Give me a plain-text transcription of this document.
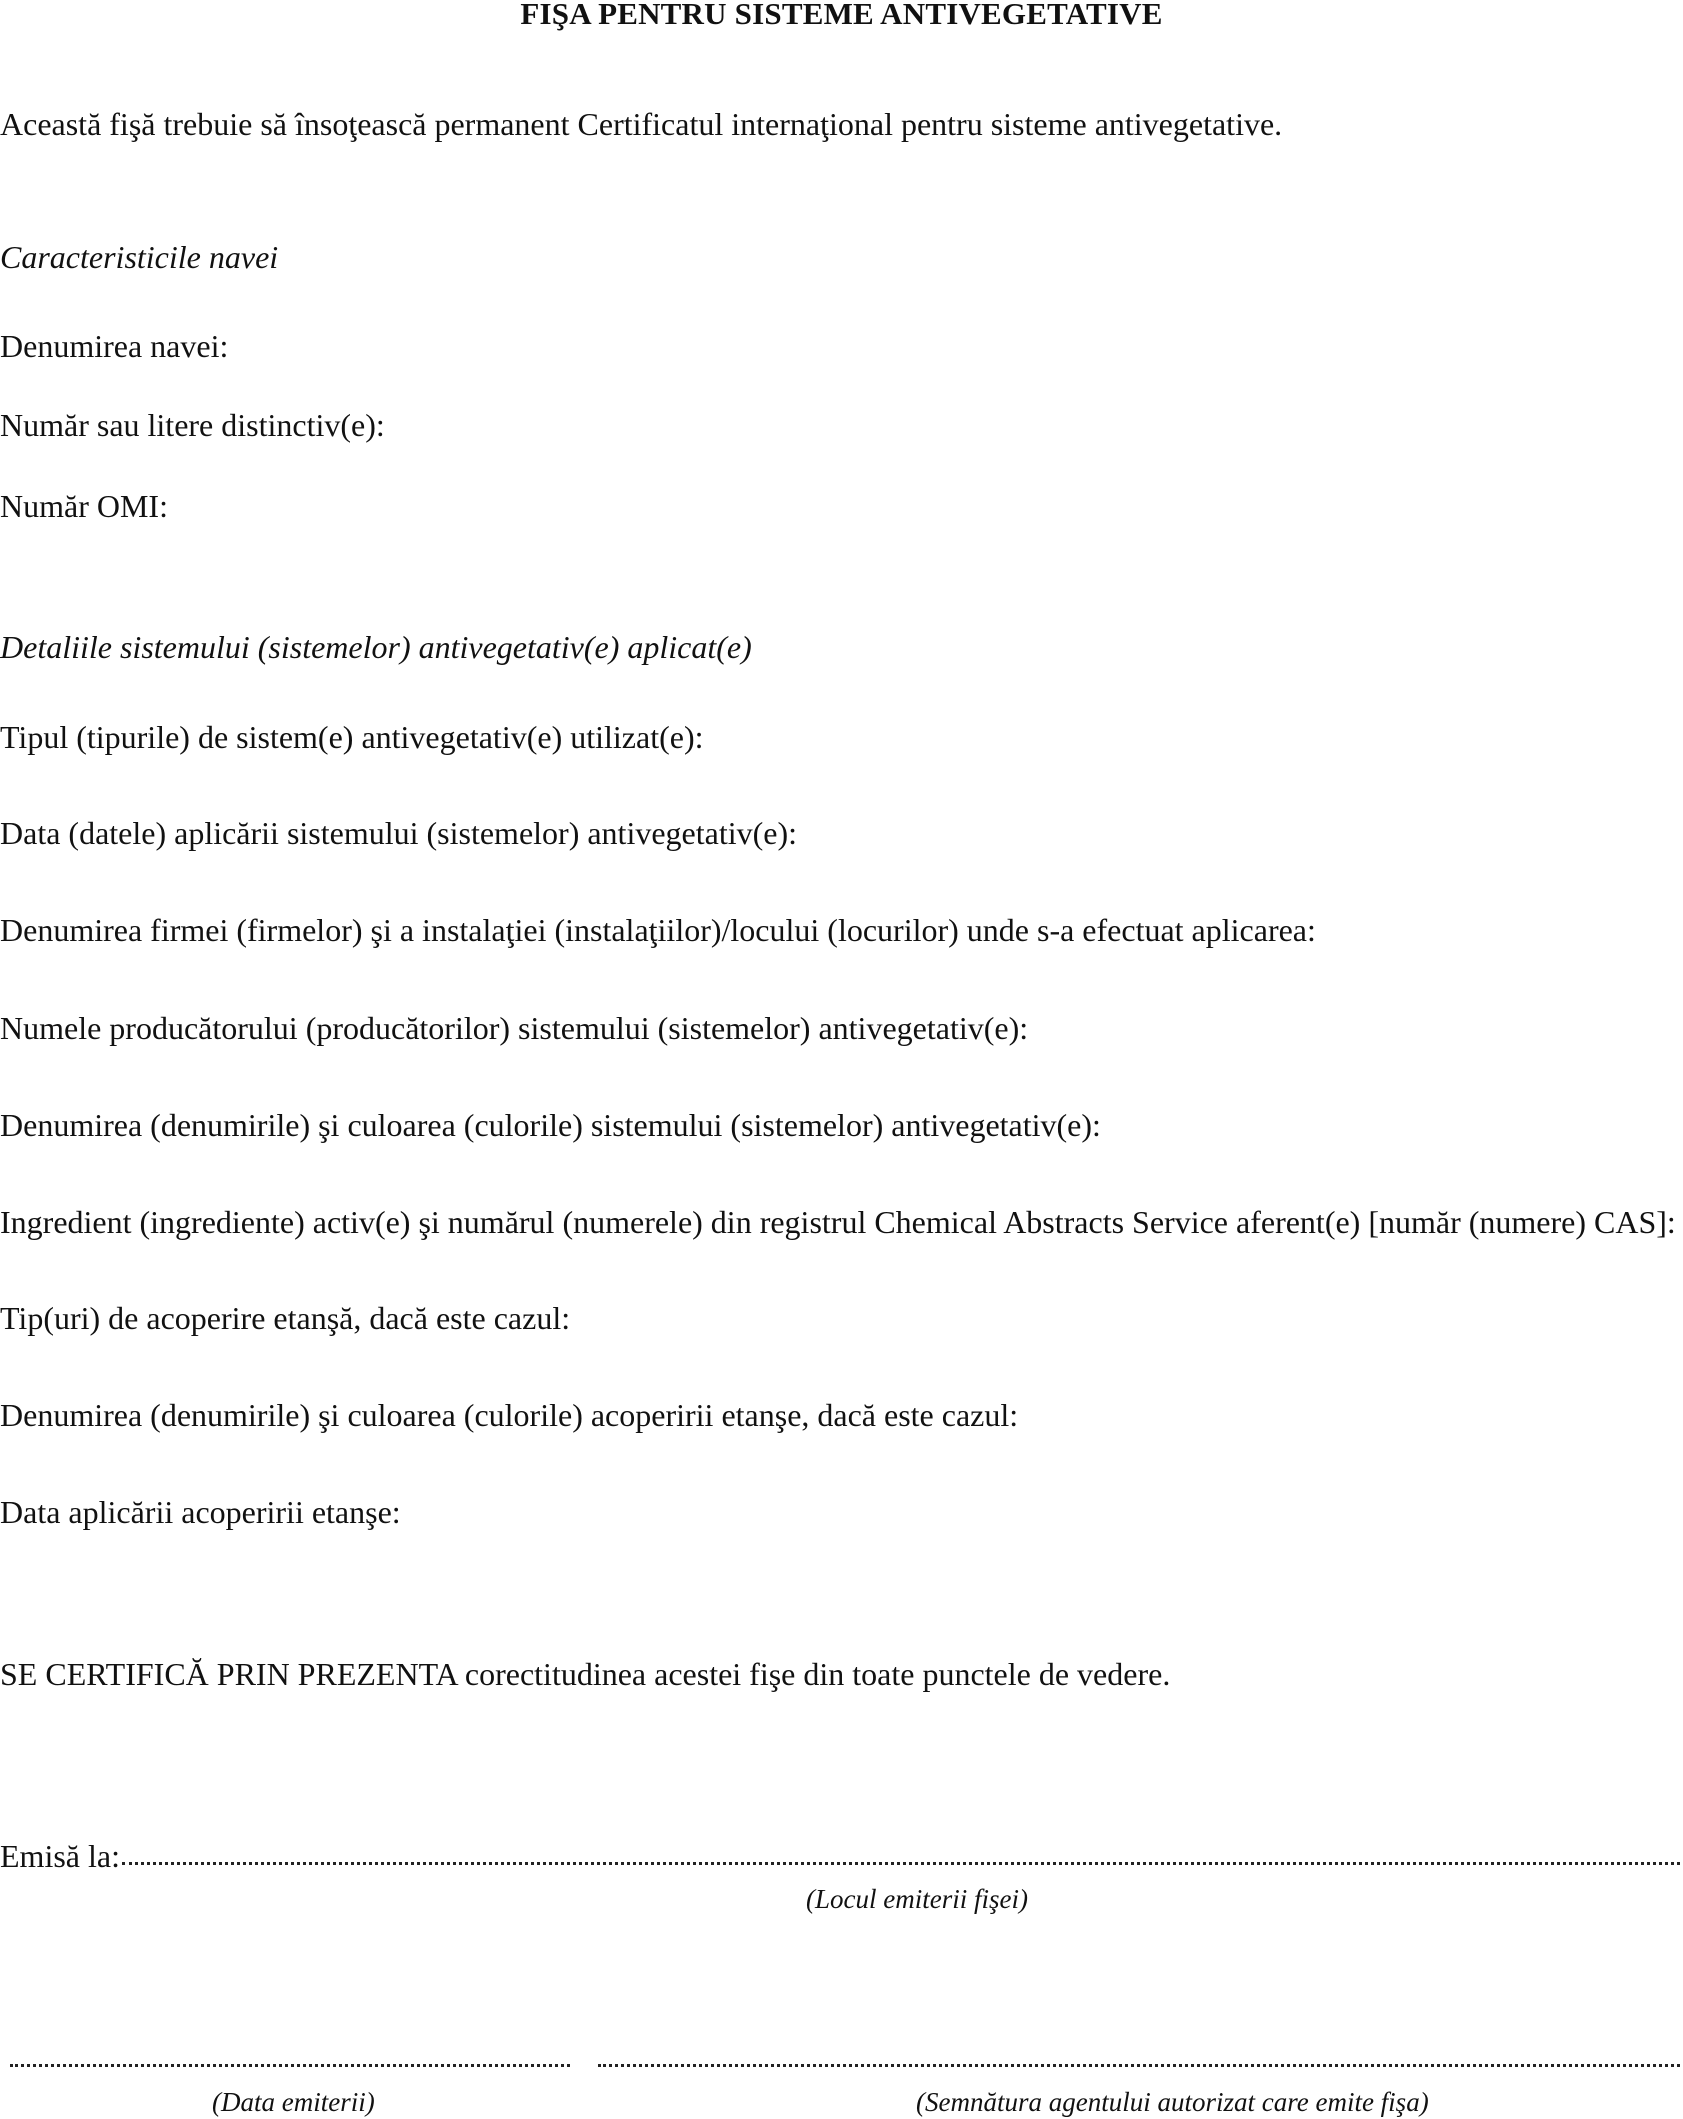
FIŞA PENTRU SISTEME ANTIVEGETATIVE
Această fişă trebuie să însoţească permanent Certificatul internaţional pentru sisteme antivegetative.
Caracteristicile navei
Denumirea navei:
Număr sau litere distinctiv(e):
Număr OMI:
Detaliile sistemului (sistemelor) antivegetativ(e) aplicat(e)
Tipul (tipurile) de sistem(e) antivegetativ(e) utilizat(e):
Data (datele) aplicării sistemului (sistemelor) antivegetativ(e):
Denumirea firmei (firmelor) şi a instalaţiei (instalaţiilor)/locului (locurilor) unde s-a efectuat aplicarea:
Numele producătorului (producătorilor) sistemului (sistemelor) antivegetativ(e):
Denumirea (denumirile) şi culoarea (culorile) sistemului (sistemelor) antivegetativ(e):
Ingredient (ingrediente) activ(e) şi numărul (numerele) din registrul Chemical Abstracts Service aferent(e) [număr (numere) CAS]:
Tip(uri) de acoperire etanşă, dacă este cazul:
Denumirea (denumirile) şi culoarea (culorile) acoperirii etanşe, dacă este cazul:
Data aplicării acoperirii etanşe:
SE CERTIFICĂ PRIN PREZENTA corectitudinea acestei fişe din toate punctele de vedere.
Emisă la:
(Locul emiterii fişei)
(Data emiterii)	(Semnătura agentului autorizat care emite fişa)
